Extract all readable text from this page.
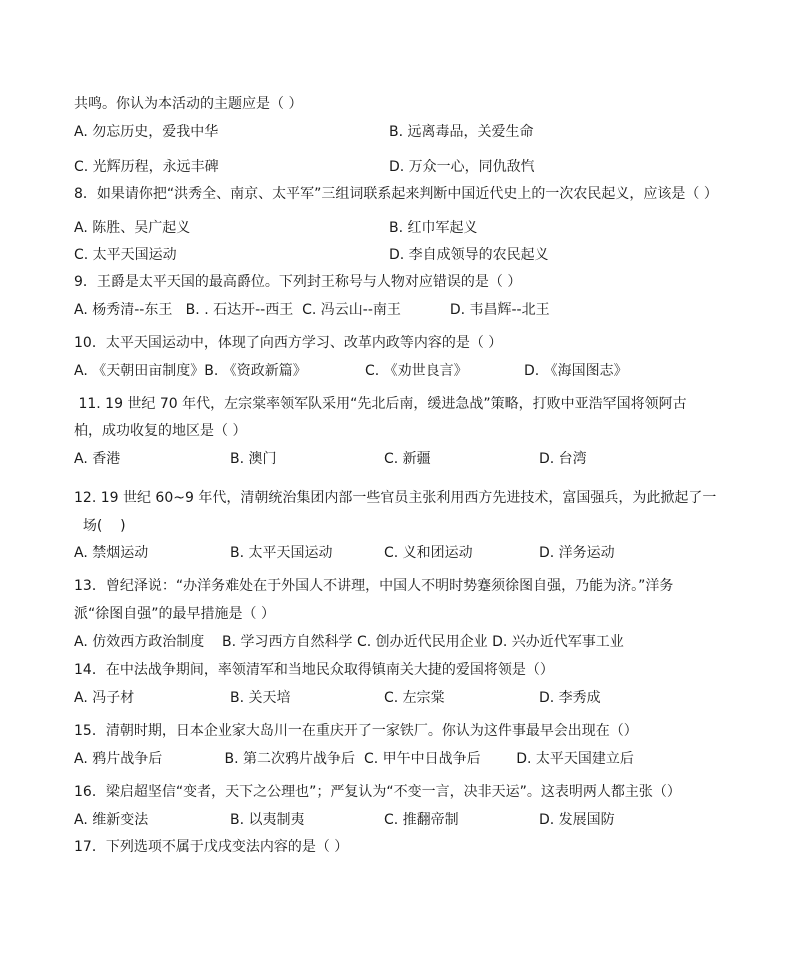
共鸣。你认为本活动的主题应是（ ）
A. 勿忘历史，爱我中华	B. 远离毒品，关爱生命
C. 光辉历程，永远丰碑	D. 万众一心，同仇敌忾
8．如果请你把“洪秀全、南京、太平军”三组词联系起来判断中国近代史上的一次农民起义，应该是（ ）
A. 陈胜、吴广起义	B. 红巾军起义
C. 太平天国运动	D. 李自成领导的农民起义
9．王爵是太平天国的最高爵位。下列封王称号与人物对应错误的是（ ）
A. 杨秀清--东王   B. . 石达开--西王  C. 冯云山--南王           D. 韦昌辉--北王
10．太平天国运动中，体现了向西方学习、改革内政等内容的是（ ）
A. 《天朝田亩制度》B. 《资政新篇》	C. 《劝世良言》	D. 《海国图志》
11. 19 世纪 70 年代，左宗棠率领军队采用“先北后南，缓进急战”策略，打败中亚浩罕国将领阿古
柏，成功收复的地区是（ ）
A. 香港	B. 澳门	C. 新疆	D. 台湾
12. 19 世纪 60~9 年代，清朝统治集团内部一些官员主张利用西方先进技术，富国强兵，为此掀起了一
场(    )
A. 禁烟运动	B. 太平天国运动	C. 义和团运动	D. 洋务运动
13．曾纪泽说：“办洋务难处在于外国人不讲理，中国人不明时势蹇须徐图自强，乃能为济。”洋务
派“徐图自强”的最早措施是（ ）
A. 仿效西方政治制度    B. 学习西方自然科学 C. 创办近代民用企业 D. 兴办近代军事工业
14．在中法战争期间，率领清军和当地民众取得镇南关大捷的爱国将领是（）
A. 冯子材	B. 关天培	C. 左宗棠	D. 李秀成
15．清朝时期，日本企业家大岛川一在重庆开了一家铁厂。你认为这件事最早会出现在（）
A. 鸦片战争后              B. 第二次鸦片战争后  C. 甲午中日战争后        D. 太平天国建立后
16．梁启超坚信“变者，天下之公理也”；严复认为“不变一言，决非天运”。这表明两人都主张（）
A. 维新变法	B. 以夷制夷	C. 推翻帝制	D. 发展国防
17．下列选项不属于戊戌变法内容的是（ ）
